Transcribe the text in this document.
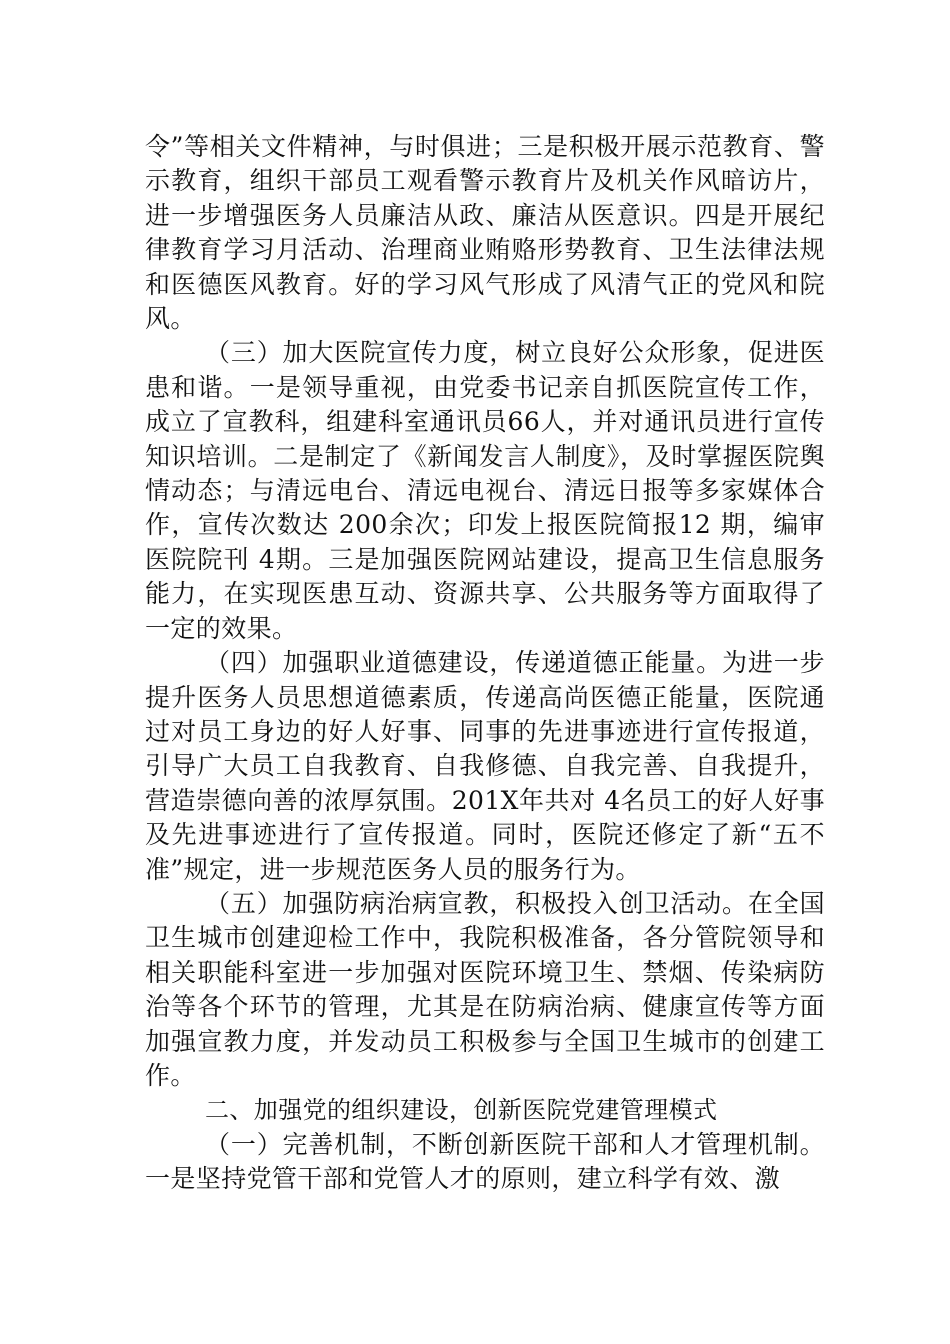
令”等相关文件精神，与时俱进；三是积极开展示范教育、警示教育，组织干部员工观看警示教育片及机关作风暗访片，进一步增强医务人员廉洁从政、廉洁从医意识。四是开展纪律教育学习月活动、治理商业贿赂形势教育、卫生法律法规和医德医风教育。好的学习风气形成了风清气正的党风和院风。

（三）加大医院宣传力度，树立良好公众形象，促进医患和谐。一是领导重视，由党委书记亲自抓医院宣传工作，成立了宣教科，组建科室通讯员66人，并对通讯员进行宣传知识培训。二是制定了《新闻发言人制度》，及时掌握医院舆情动态；与清远电台、清远电视台、清远日报等多家媒体合作，宣传次数达 200余次；印发上报医院简报12 期，编审医院院刊 4期。三是加强医院网站建设，提高卫生信息服务能力，在实现医患互动、资源共享、公共服务等方面取得了一定的效果。

（四）加强职业道德建设，传递道德正能量。为进一步提升医务人员思想道德素质，传递高尚医德正能量，医院通过对员工身边的好人好事、同事的先进事迹进行宣传报道，引导广大员工自我教育、自我修德、自我完善、自我提升，营造崇德向善的浓厚氛围。201X年共对 4名员工的好人好事及先进事迹进行了宣传报道。同时，医院还修定了新“五不准”规定，进一步规范医务人员的服务行为。

（五）加强防病治病宣教，积极投入创卫活动。在全国卫生城市创建迎检工作中，我院积极准备，各分管院领导和相关职能科室进一步加强对医院环境卫生、禁烟、传染病防治等各个环节的管理，尤其是在防病治病、健康宣传等方面加强宣教力度，并发动员工积极参与全国卫生城市的创建工作。

二、加强党的组织建设，创新医院党建管理模式

（一）完善机制，不断创新医院干部和人才管理机制。一是坚持党管干部和党管人才的原则，建立科学有效、激
